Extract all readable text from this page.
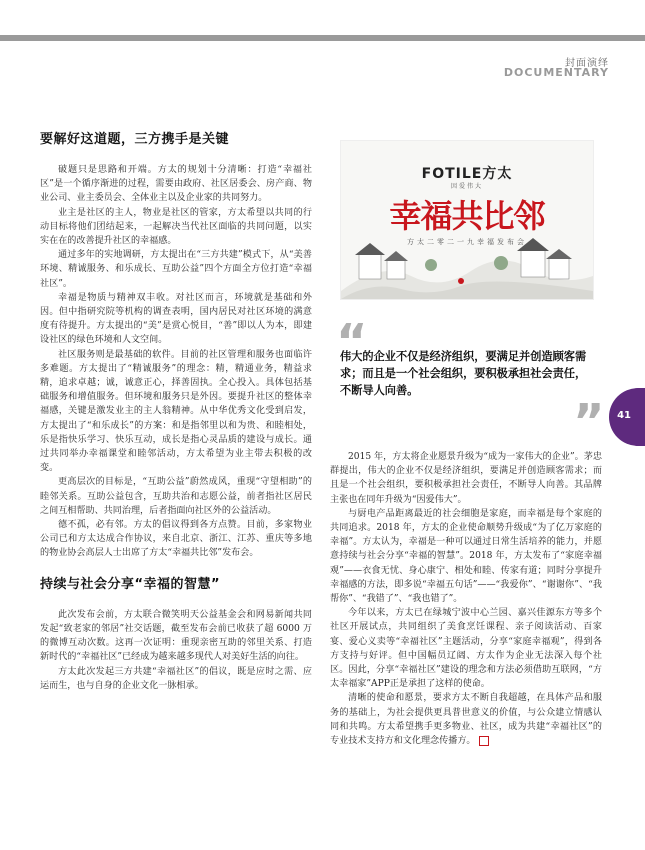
封面演绎
DOCUMENTARY
要解好这道题，三方携手是关键

破题只是思路和开端。方太的规划十分清晰：打造“幸福社区”是一个循序渐进的过程，需要由政府、社区居委会、房产商、物业公司、业主委员会、全体业主以及企业家的共同努力。

业主是社区的主人，物业是社区的管家，方太希望以共同的行动目标将他们团结起来，一起解决当代社区面临的共同问题，以实实在在的改善提升社区的幸福感。

通过多年的实地调研，方太提出在“三方共建”模式下，从“美善环境、精诚服务、和乐成长、互助公益”四个方面全方位打造“幸福社区”。

幸福是物质与精神双丰收。对社区而言，环境就是基础和外因。但中指研究院等机构的调查表明，国内居民对社区环境的满意度有待提升。方太提出的“美”是赏心悦目，“善”即以人为本，即建设社区的绿色环境和人文空间。

社区服务则是最基础的软件。目前的社区管理和服务也面临许多难题。方太提出了“精诚服务”的理念：精，精通业务，精益求精，追求卓越；诚，诚意正心，择善固执。全心投入。具体包括基础服务和增值服务。但环境和服务只是外因。要提升社区的整体幸福感，关键是激发业主的主人翁精神。从中华优秀文化受到启发，方太提出了“和乐成长”的方案：和是指邻里以和为贵、和睦相处，乐是指快乐学习、快乐互动，成长是指心灵品质的建设与成长。通过共同举办幸福课堂和睦邻活动，方太希望为业主带去积极的改变。

更高层次的目标是，“互助公益”蔚然成风，重现“守望相助”的睦邻关系。互助公益包含，互助共治和志愿公益，前者指社区居民之间互相帮助、共同治理，后者指面向社区外的公益活动。

德不孤，必有邻。方太的倡议得到各方点赞。目前，多家物业公司已和方太达成合作协议，来自北京、浙江、江苏、重庆等多地的物业协会高层人士出席了方太“幸福共比邻”发布会。

持续与社会分享“幸福的智慧”

此次发布会前，方太联合微笑明天公益基金会和网易新闻共同发起“致老家的邻居”社交话题，截至发布会前已收获了超 6000 万的微博互动次数。这再一次证明：重现亲密互助的邻里关系、打造新时代的“幸福社区”已经成为越来越多现代人对美好生活的向往。

方太此次发起三方共建“幸福社区”的倡议，既是应时之需、应运而生，也与自身的企业文化一脉相承。

FOTILE方太
因爱伟大
幸福共比邻
方太二零二一九幸福发布会
“

伟大的企业不仅是经济组织，要满足并创造顾客需求；而且是一个社会组织，要积极承担社会责任，不断导人向善。

” 41

2015 年，方太将企业愿景升级为“成为一家伟大的企业”。茅忠群提出，伟大的企业不仅是经济组织，要满足并创造顾客需求；而且是一个社会组织，要积极承担社会责任，不断导人向善。其品牌主张也在同年升级为“因爱伟大”。

与厨电产品距离最近的社会细胞是家庭，而幸福是每个家庭的共同追求。2018 年，方太的企业使命顺势升级成“为了亿万家庭的幸福”。方太认为，幸福是一种可以通过日常生活培养的能力，并愿意持续与社会分享“幸福的智慧”。2018 年，方太发布了“家庭幸福观”——衣食无忧、身心康宁、相处和睦、传家有道；同时分享提升幸福感的方法，即多说“幸福五句话”——“我爱你”、“谢谢你”、“我帮你”、“我错了”、“我也错了”。

今年以来，方太已在绿城宁波中心兰园、嘉兴佳源东方等多个社区开展试点，共同组织了美食烹饪课程、亲子阅读活动、百家宴、爱心义卖等“幸福社区”主题活动，分享“家庭幸福观”，得到各方支持与好评。但中国幅员辽阔、方太作为企业无法深入每个社区。因此，分享“幸福社区”建设的理念和方法必须借助互联网，“方太幸福家”APP正是承担了这样的使命。

清晰的使命和愿景，要求方太不断自我超越，在具体产品和服务的基础上，为社会提供更具普世意义的价值，与公众建立情感认同和共鸣。方太希望携手更多物业、社区，成为共建“幸福社区”的专业技术支持方和文化理念传播方。
